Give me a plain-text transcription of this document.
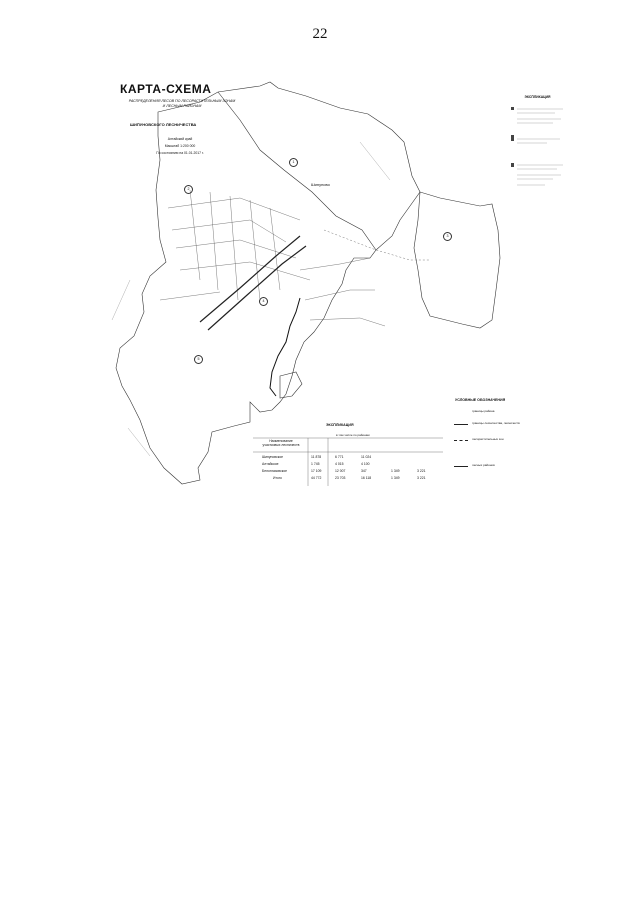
22
КАРТА-СХЕМА
РАСПРЕДЕЛЕНИЯ ЛЕСОВ ПО ЛЕСОРАСТИТЕЛЬНЫМ ЗОНАМ
И ЛЕСНЫМ РАЙОНАМ
ШИПУНОВСКОГО ЛЕСНИЧЕСТВА
Алтайский край
Масштаб 1:200 000
По состоянию на 01.01.2017 г.
Шипуново
1
2
3
4
5
ЭКСПЛИКАЦИЯ
ЭКСПЛИКАЦИЯ
в том числе по районам
Наименование участковых лесничеств
Шипуновское	11 878	6 771	11 024
Алтайское	1 745	4 015	4 100
Белоглазовское	17 109	12 007	347	1 349	3 221
Итого	44 772	23 703	16 118	1 349	3 221
УСЛОВНЫЕ ОБОЗНАЧЕНИЯ
границы района
границы лесничества, лесничеств
лесорастительных зон
лесных районов
